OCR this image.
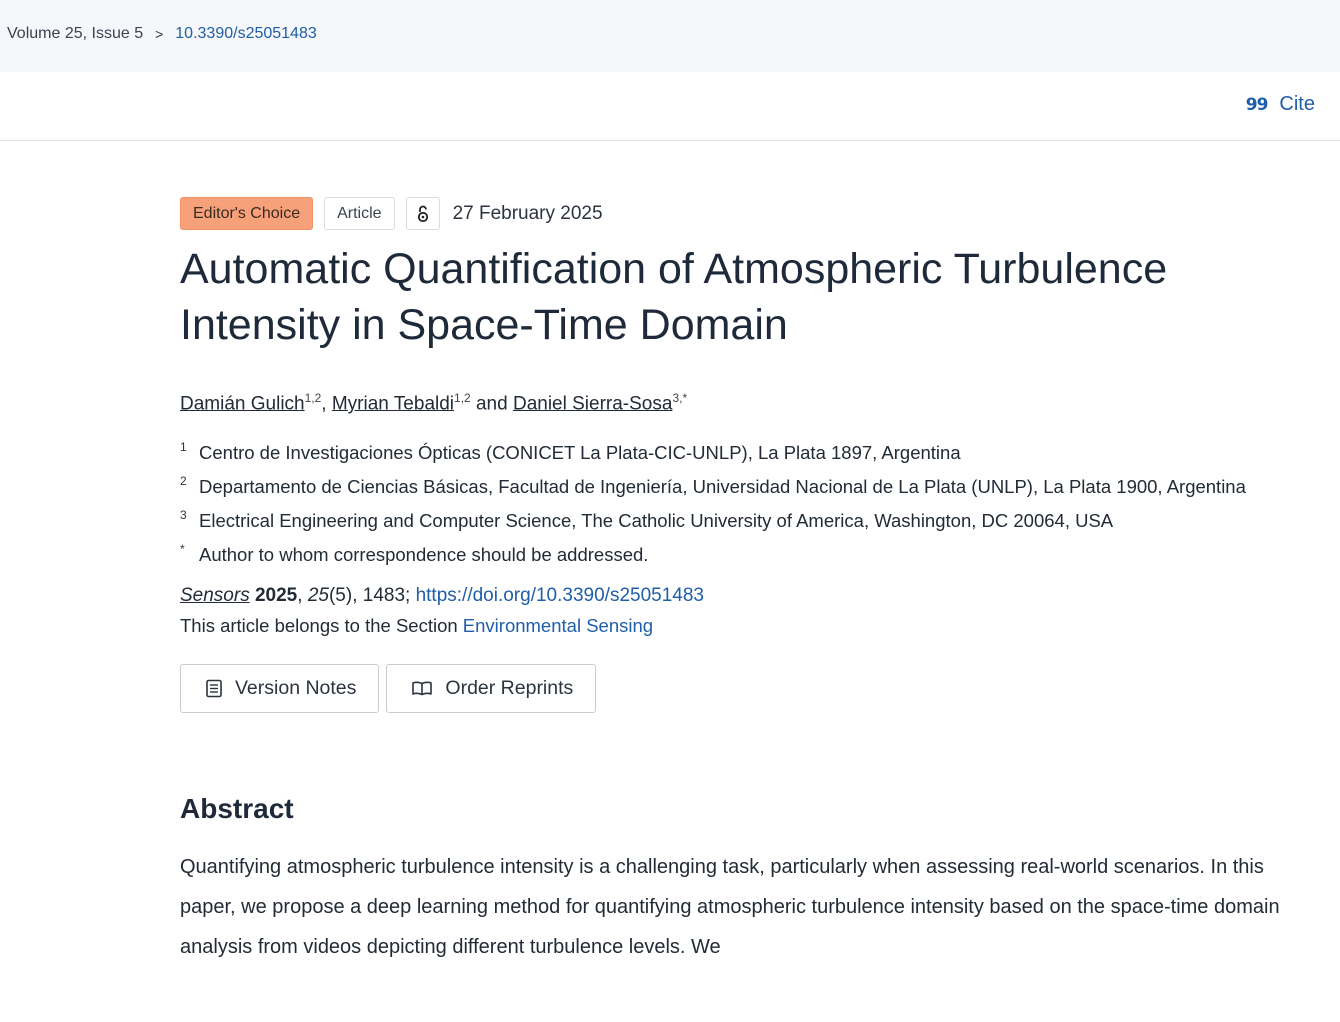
Volume 25, Issue 5 > 10.3390/s25051483
99 Cite
Editor's Choice	Article	27 February 2025
Automatic Quantification of Atmospheric Turbulence Intensity in Space-Time Domain
Damián Gulich$^{1,2}$, Myrian Tebaldi$^{1,2}$ and Daniel Sierra-Sosa$^{3,*}$
1 Centro de Investigaciones Ópticas (CONICET La Plata-CIC-UNLP), La Plata 1897, Argentina
2 Departamento de Ciencias Básicas, Facultad de Ingeniería, Universidad Nacional de La Plata (UNLP), La Plata 1900, Argentina
3 Electrical Engineering and Computer Science, The Catholic University of America, Washington, DC 20064, USA
* Author to whom correspondence should be addressed.
Sensors 2025, 25(5), 1483; https://doi.org/10.3390/s25051483
This article belongs to the Section Environmental Sensing
Version Notes	Order Reprints
Abstract
Quantifying atmospheric turbulence intensity is a challenging task, particularly when assessing real-world scenarios. In this paper, we propose a deep learning method for quantifying atmospheric turbulence intensity based on the space-time domain analysis from videos depicting different turbulence levels. We
